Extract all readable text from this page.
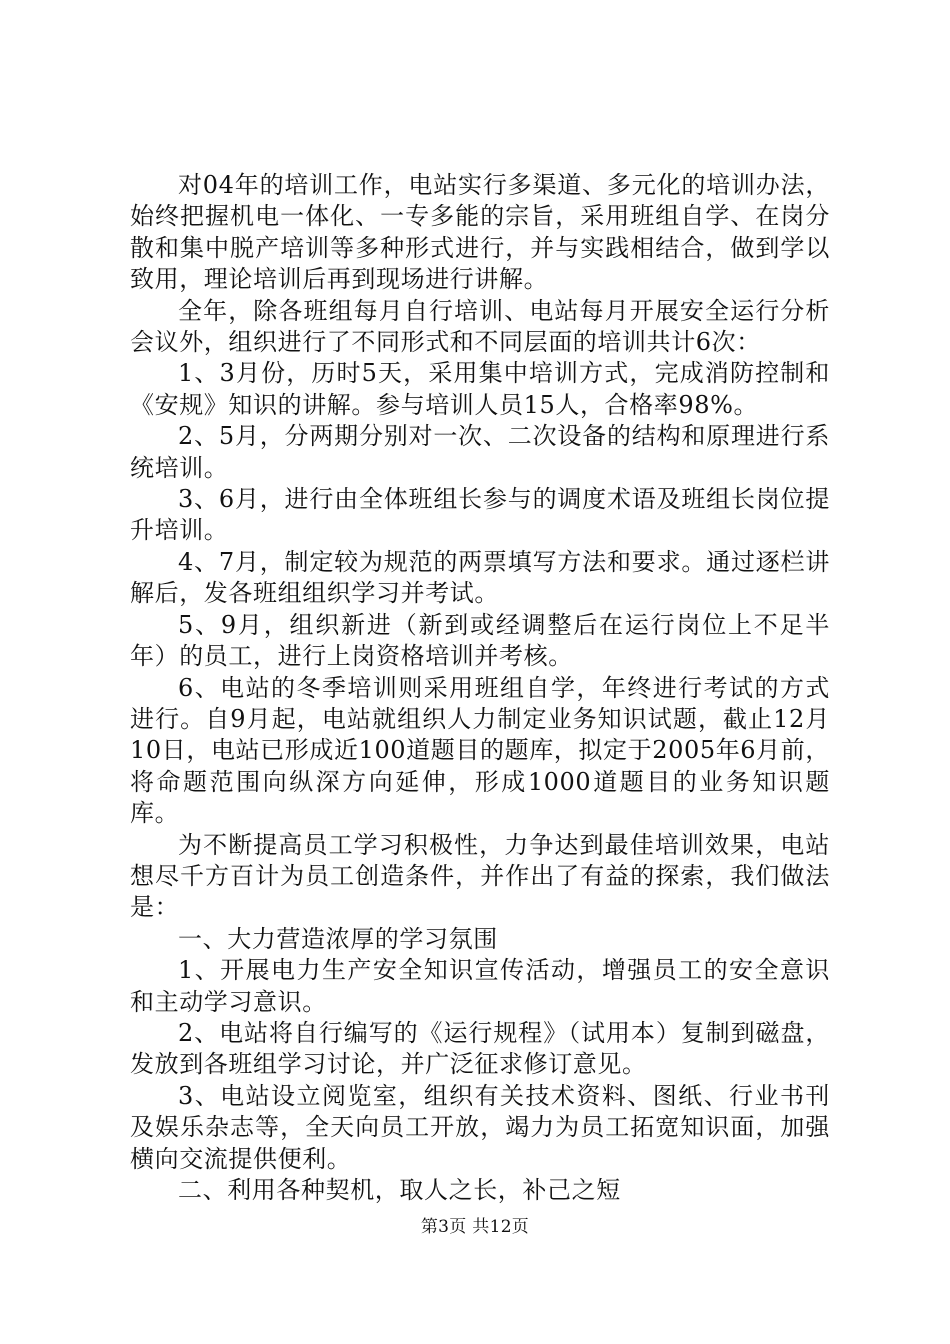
对04年的培训工作，电站实行多渠道、多元化的培训办法，始终把握机电一体化、一专多能的宗旨，采用班组自学、在岗分散和集中脱产培训等多种形式进行，并与实践相结合，做到学以致用，理论培训后再到现场进行讲解。

全年，除各班组每月自行培训、电站每月开展安全运行分析会议外，组织进行了不同形式和不同层面的培训共计6次：

1、3月份，历时5天，采用集中培训方式，完成消防控制和《安规》知识的讲解。参与培训人员15人，合格率98%。

2、5月，分两期分别对一次、二次设备的结构和原理进行系统培训。

3、6月，进行由全体班组长参与的调度术语及班组长岗位提升培训。

4、7月，制定较为规范的两票填写方法和要求。通过逐栏讲解后，发各班组组织学习并考试。

5、9月，组织新进（新到或经调整后在运行岗位上不足半年）的员工，进行上岗资格培训并考核。

6、电站的冬季培训则采用班组自学，年终进行考试的方式进行。自9月起，电站就组织人力制定业务知识试题，截止12月10日，电站已形成近100道题目的题库，拟定于2005年6月前，将命题范围向纵深方向延伸，形成1000道题目的业务知识题库。

为不断提高员工学习积极性，力争达到最佳培训效果，电站想尽千方百计为员工创造条件，并作出了有益的探索，我们做法是：

一、大力营造浓厚的学习氛围

1、开展电力生产安全知识宣传活动，增强员工的安全意识和主动学习意识。

2、电站将自行编写的《运行规程》（试用本）复制到磁盘，发放到各班组学习讨论，并广泛征求修订意见。

3、电站设立阅览室，组织有关技术资料、图纸、行业书刊及娱乐杂志等，全天向员工开放，竭力为员工拓宽知识面，加强横向交流提供便利。

二、利用各种契机，取人之长，补己之短

第3页 共12页
